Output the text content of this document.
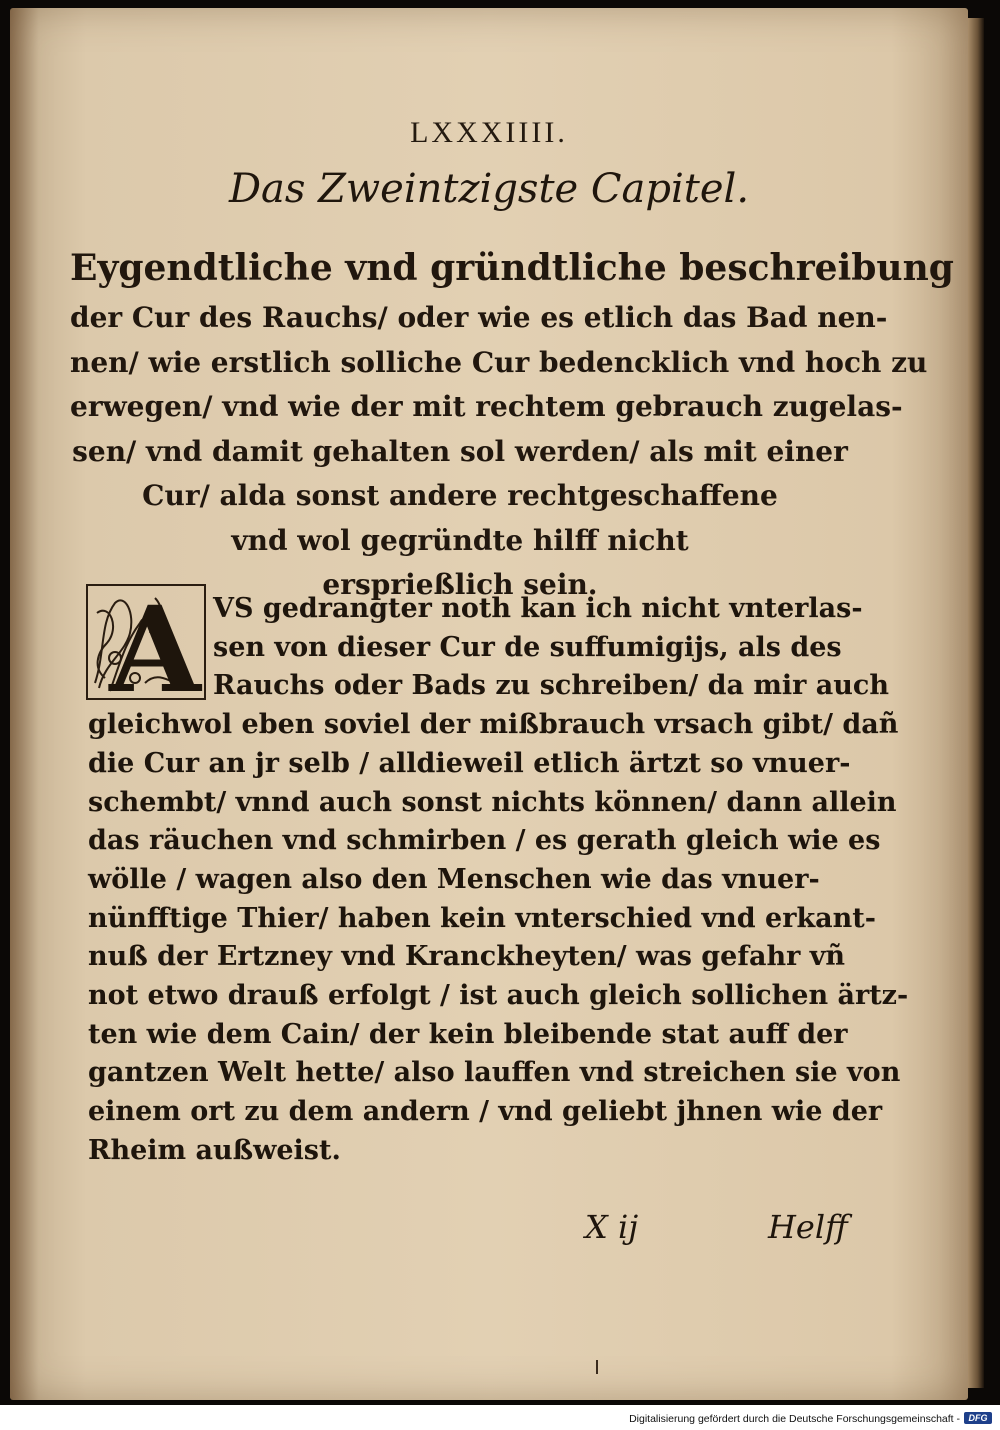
LXXXIIII.
Das Zweintzigste Capitel.
Eygendtliche vnd gründtliche beschreibung
der Cur des Rauchs/ oder wie es etlich das Bad nen-
nen/ wie erstlich solliche Cur bedencklich vnd hoch zu
erwegen/ vnd wie der mit rechtem gebrauch zugelas-
sen/ vnd damit gehalten sol werden/ als mit einer
Cur/ alda sonst andere rechtgeschaffene
vnd wol gegründte hilff nicht
ersprießlich sein.
A VS gedrangter noth kan ich nicht vnterlas-
sen von dieser Cur de suffumigijs, als des
Rauchs oder Bads zu schreiben/ da mir auch
gleichwol eben soviel der mißbrauch vrsach gibt/ dañ
die Cur an jr selb / alldieweil etlich ärtzt so vnuer-
schembt/ vnnd auch sonst nichts können/ dann allein
das räuchen vnd schmirben / es gerath gleich wie es
wölle / wagen also den Menschen wie das vnuer-
nünfftige Thier/ haben kein vnterschied vnd erkant-
nuß der Ertzney vnd Kranckheyten/ was gefahr vñ
not etwo drauß erfolgt / ist auch gleich sollichen ärtz-
ten wie dem Cain/ der kein bleibende stat auff der
gantzen Welt hette/ also lauffen vnd streichen sie von
einem ort zu dem andern / vnd geliebt jhnen wie der
Rheim außweist.
X ij	Helff
Digitalisierung gefördert durch die Deutsche Forschungsgemeinschaft - DFG
